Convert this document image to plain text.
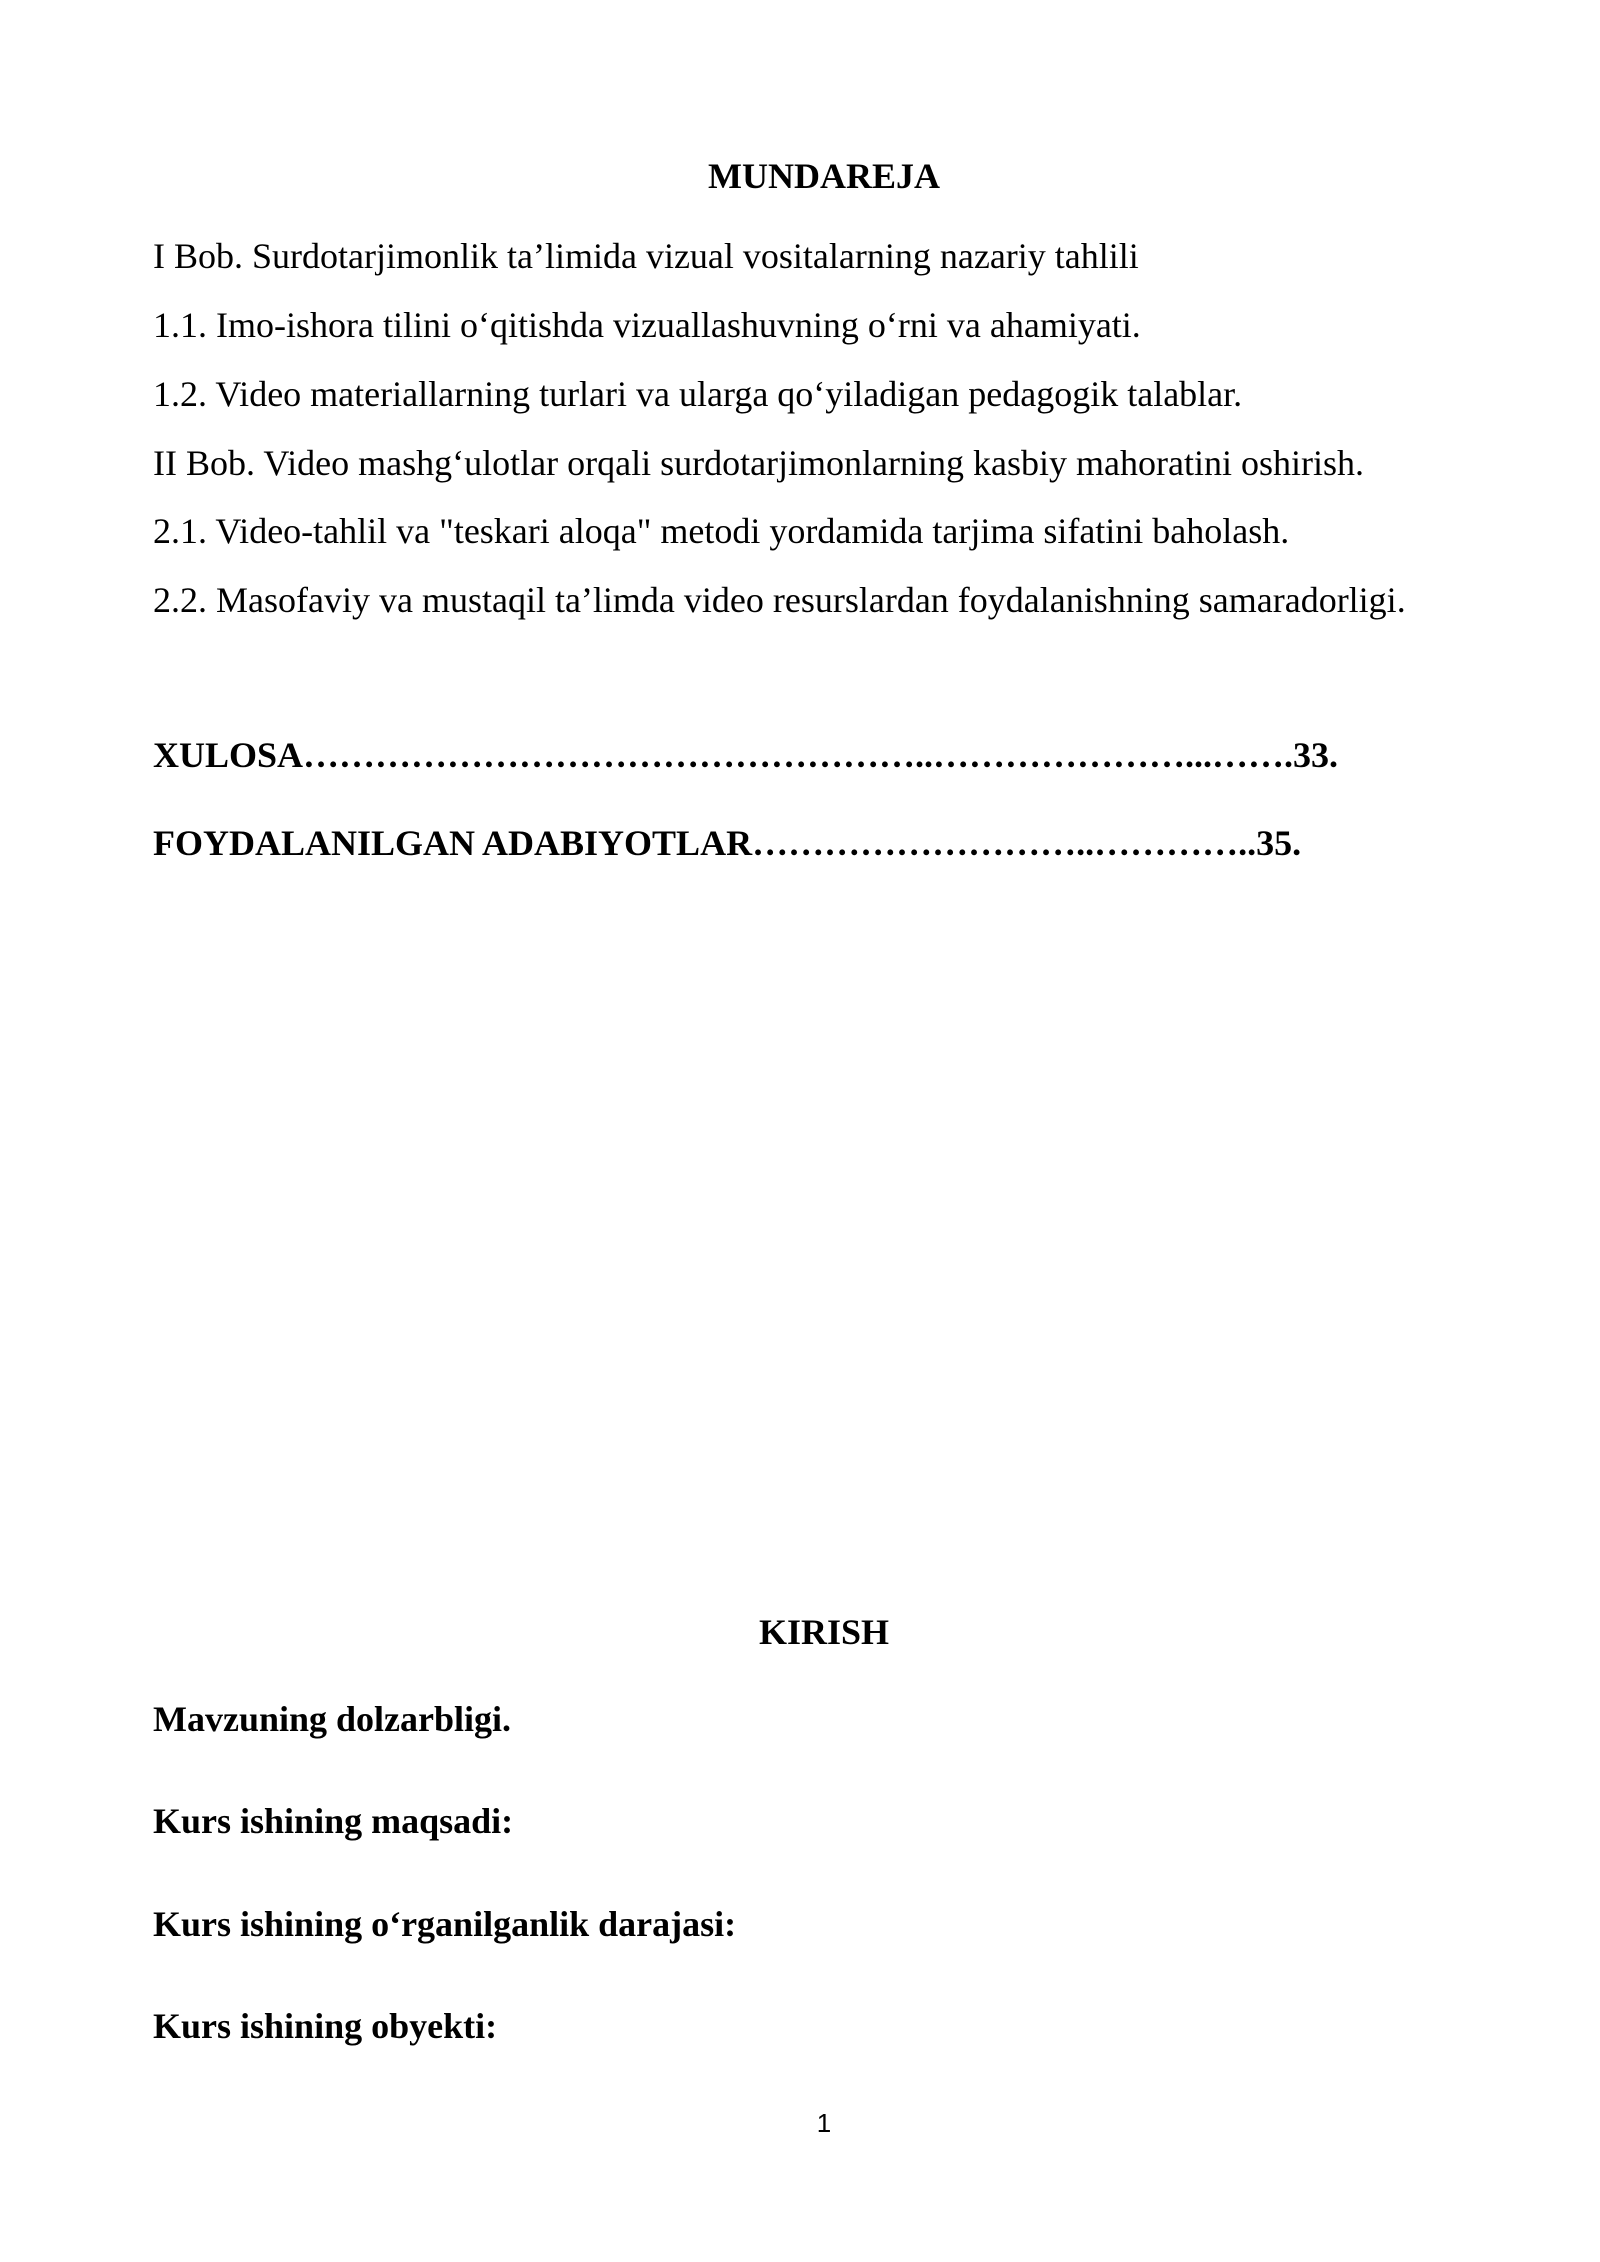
MUNDAREJA
I Bob. Surdotarjimonlik ta’limida vizual vositalarning nazariy tahlili
1.1. Imo-ishora tilini o‘qitishda vizuallashuvning o‘rni va ahamiyati.
1.2. Video materiallarning turlari va ularga qo‘yiladigan pedagogik talablar.
II Bob. Video mashg‘ulotlar orqali surdotarjimonlarning kasbiy mahoratini oshirish.
2.1. Video-tahlil va "teskari aloqa" metodi yordamida tarjima sifatini baholash.
2.2. Masofaviy va mustaqil ta’limda video resurslardan foydalanishning samaradorligi.
XULOSA……………………………………………..…………………...…….33.
FOYDALANILGAN ADABIYOTLAR………………………..…………..35.
KIRISH
Mavzuning dolzarbligi.
Kurs ishining maqsadi:
Kurs ishining o‘rganilganlik darajasi:
Kurs ishining obyekti:
1
